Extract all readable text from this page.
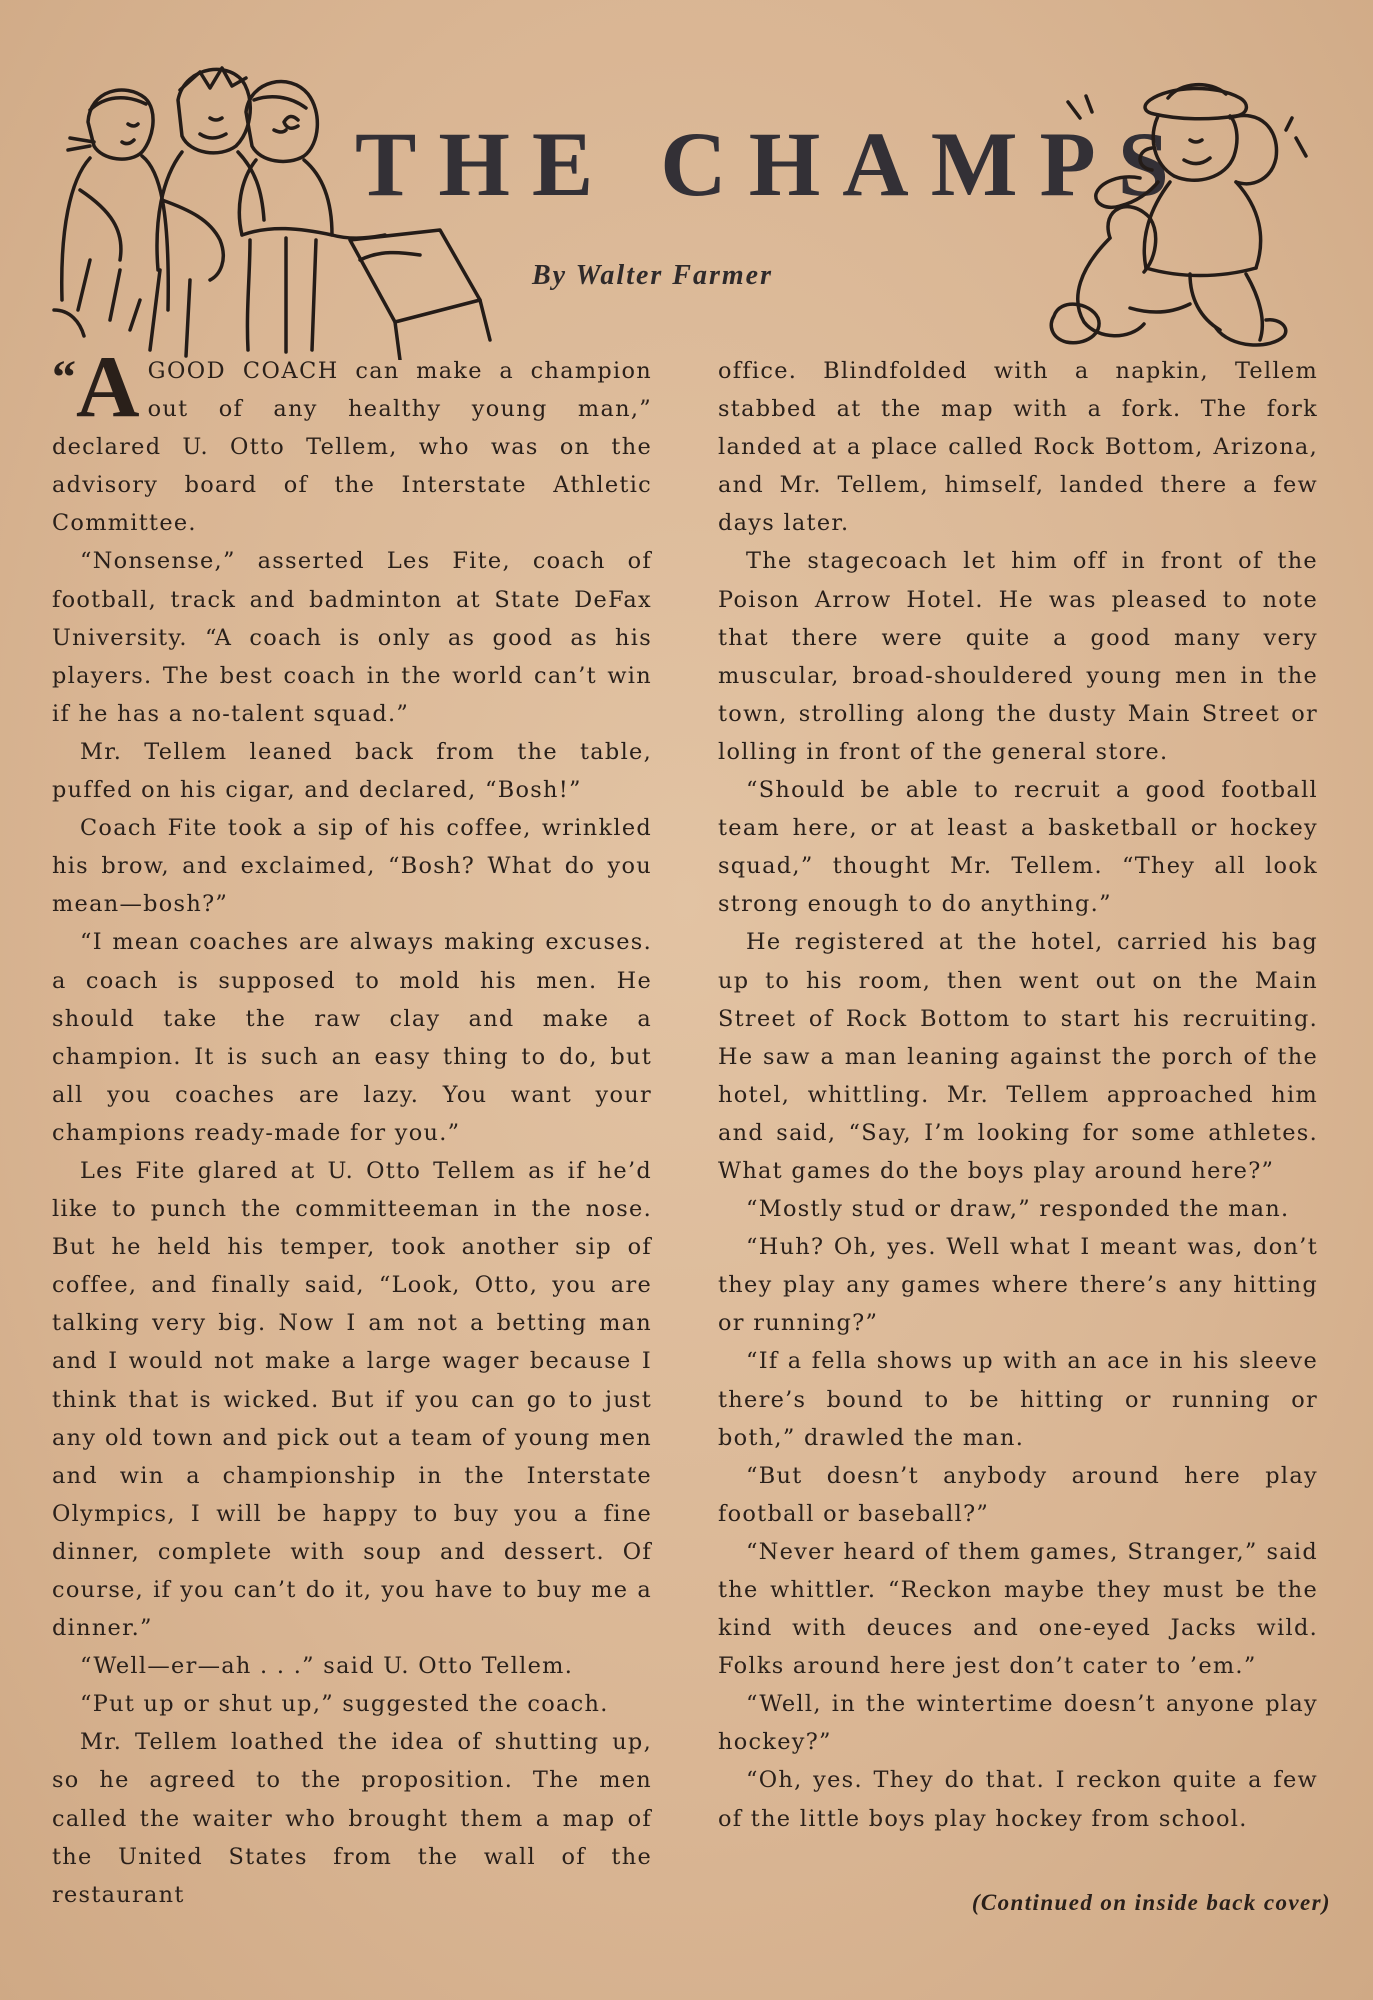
THE CHAMPS
By Walter Farmer

“A GOOD COACH can make a champion out of any healthy young man,” declared U. Otto Tellem, who was on the advisory board of the Interstate Athletic Committee.

“Nonsense,” asserted Les Fite, coach of football, track and badminton at State DeFax University. “A coach is only as good as his players. The best coach in the world can’t win if he has a no-talent squad.”

Mr. Tellem leaned back from the table, puffed on his cigar, and declared, “Bosh!”

Coach Fite took a sip of his coffee, wrinkled his brow, and exclaimed, “Bosh? What do you mean—bosh?”

“I mean coaches are always making excuses. a coach is supposed to mold his men. He should take the raw clay and make a champion. It is such an easy thing to do, but all you coaches are lazy. You want your champions ready-made for you.”

Les Fite glared at U. Otto Tellem as if he’d like to punch the committeeman in the nose. But he held his temper, took another sip of coffee, and finally said, “Look, Otto, you are talking very big. Now I am not a betting man and I would not make a large wager because I think that is wicked. But if you can go to just any old town and pick out a team of young men and win a championship in the Interstate Olympics, I will be happy to buy you a fine dinner, complete with soup and dessert. Of course, if you can’t do it, you have to buy me a dinner.”

“Well—er—ah . . .” said U. Otto Tellem.

“Put up or shut up,” suggested the coach.

Mr. Tellem loathed the idea of shutting up, so he agreed to the proposition. The men called the waiter who brought them a map of the United States from the wall of the restaurant

office. Blindfolded with a napkin, Tellem stabbed at the map with a fork. The fork landed at a place called Rock Bottom, Arizona, and Mr. Tellem, himself, landed there a few days later.

The stagecoach let him off in front of the Poison Arrow Hotel. He was pleased to note that there were quite a good many very muscular, broad-shouldered young men in the town, strolling along the dusty Main Street or lolling in front of the general store.

“Should be able to recruit a good football team here, or at least a basketball or hockey squad,” thought Mr. Tellem. “They all look strong enough to do anything.”

He registered at the hotel, carried his bag up to his room, then went out on the Main Street of Rock Bottom to start his recruiting. He saw a man leaning against the porch of the hotel, whittling. Mr. Tellem approached him and said, “Say, I’m looking for some athletes. What games do the boys play around here?”

“Mostly stud or draw,” responded the man.

“Huh? Oh, yes. Well what I meant was, don’t they play any games where there’s any hitting or running?”

“If a fella shows up with an ace in his sleeve there’s bound to be hitting or running or both,” drawled the man.

“But doesn’t anybody around here play football or baseball?”

“Never heard of them games, Stranger,” said the whittler. “Reckon maybe they must be the kind with deuces and one-eyed Jacks wild. Folks around here jest don’t cater to ’em.”

“Well, in the wintertime doesn’t anyone play hockey?”

“Oh, yes. They do that. I reckon quite a few of the little boys play hockey from school.

(Continued on inside back cover)
